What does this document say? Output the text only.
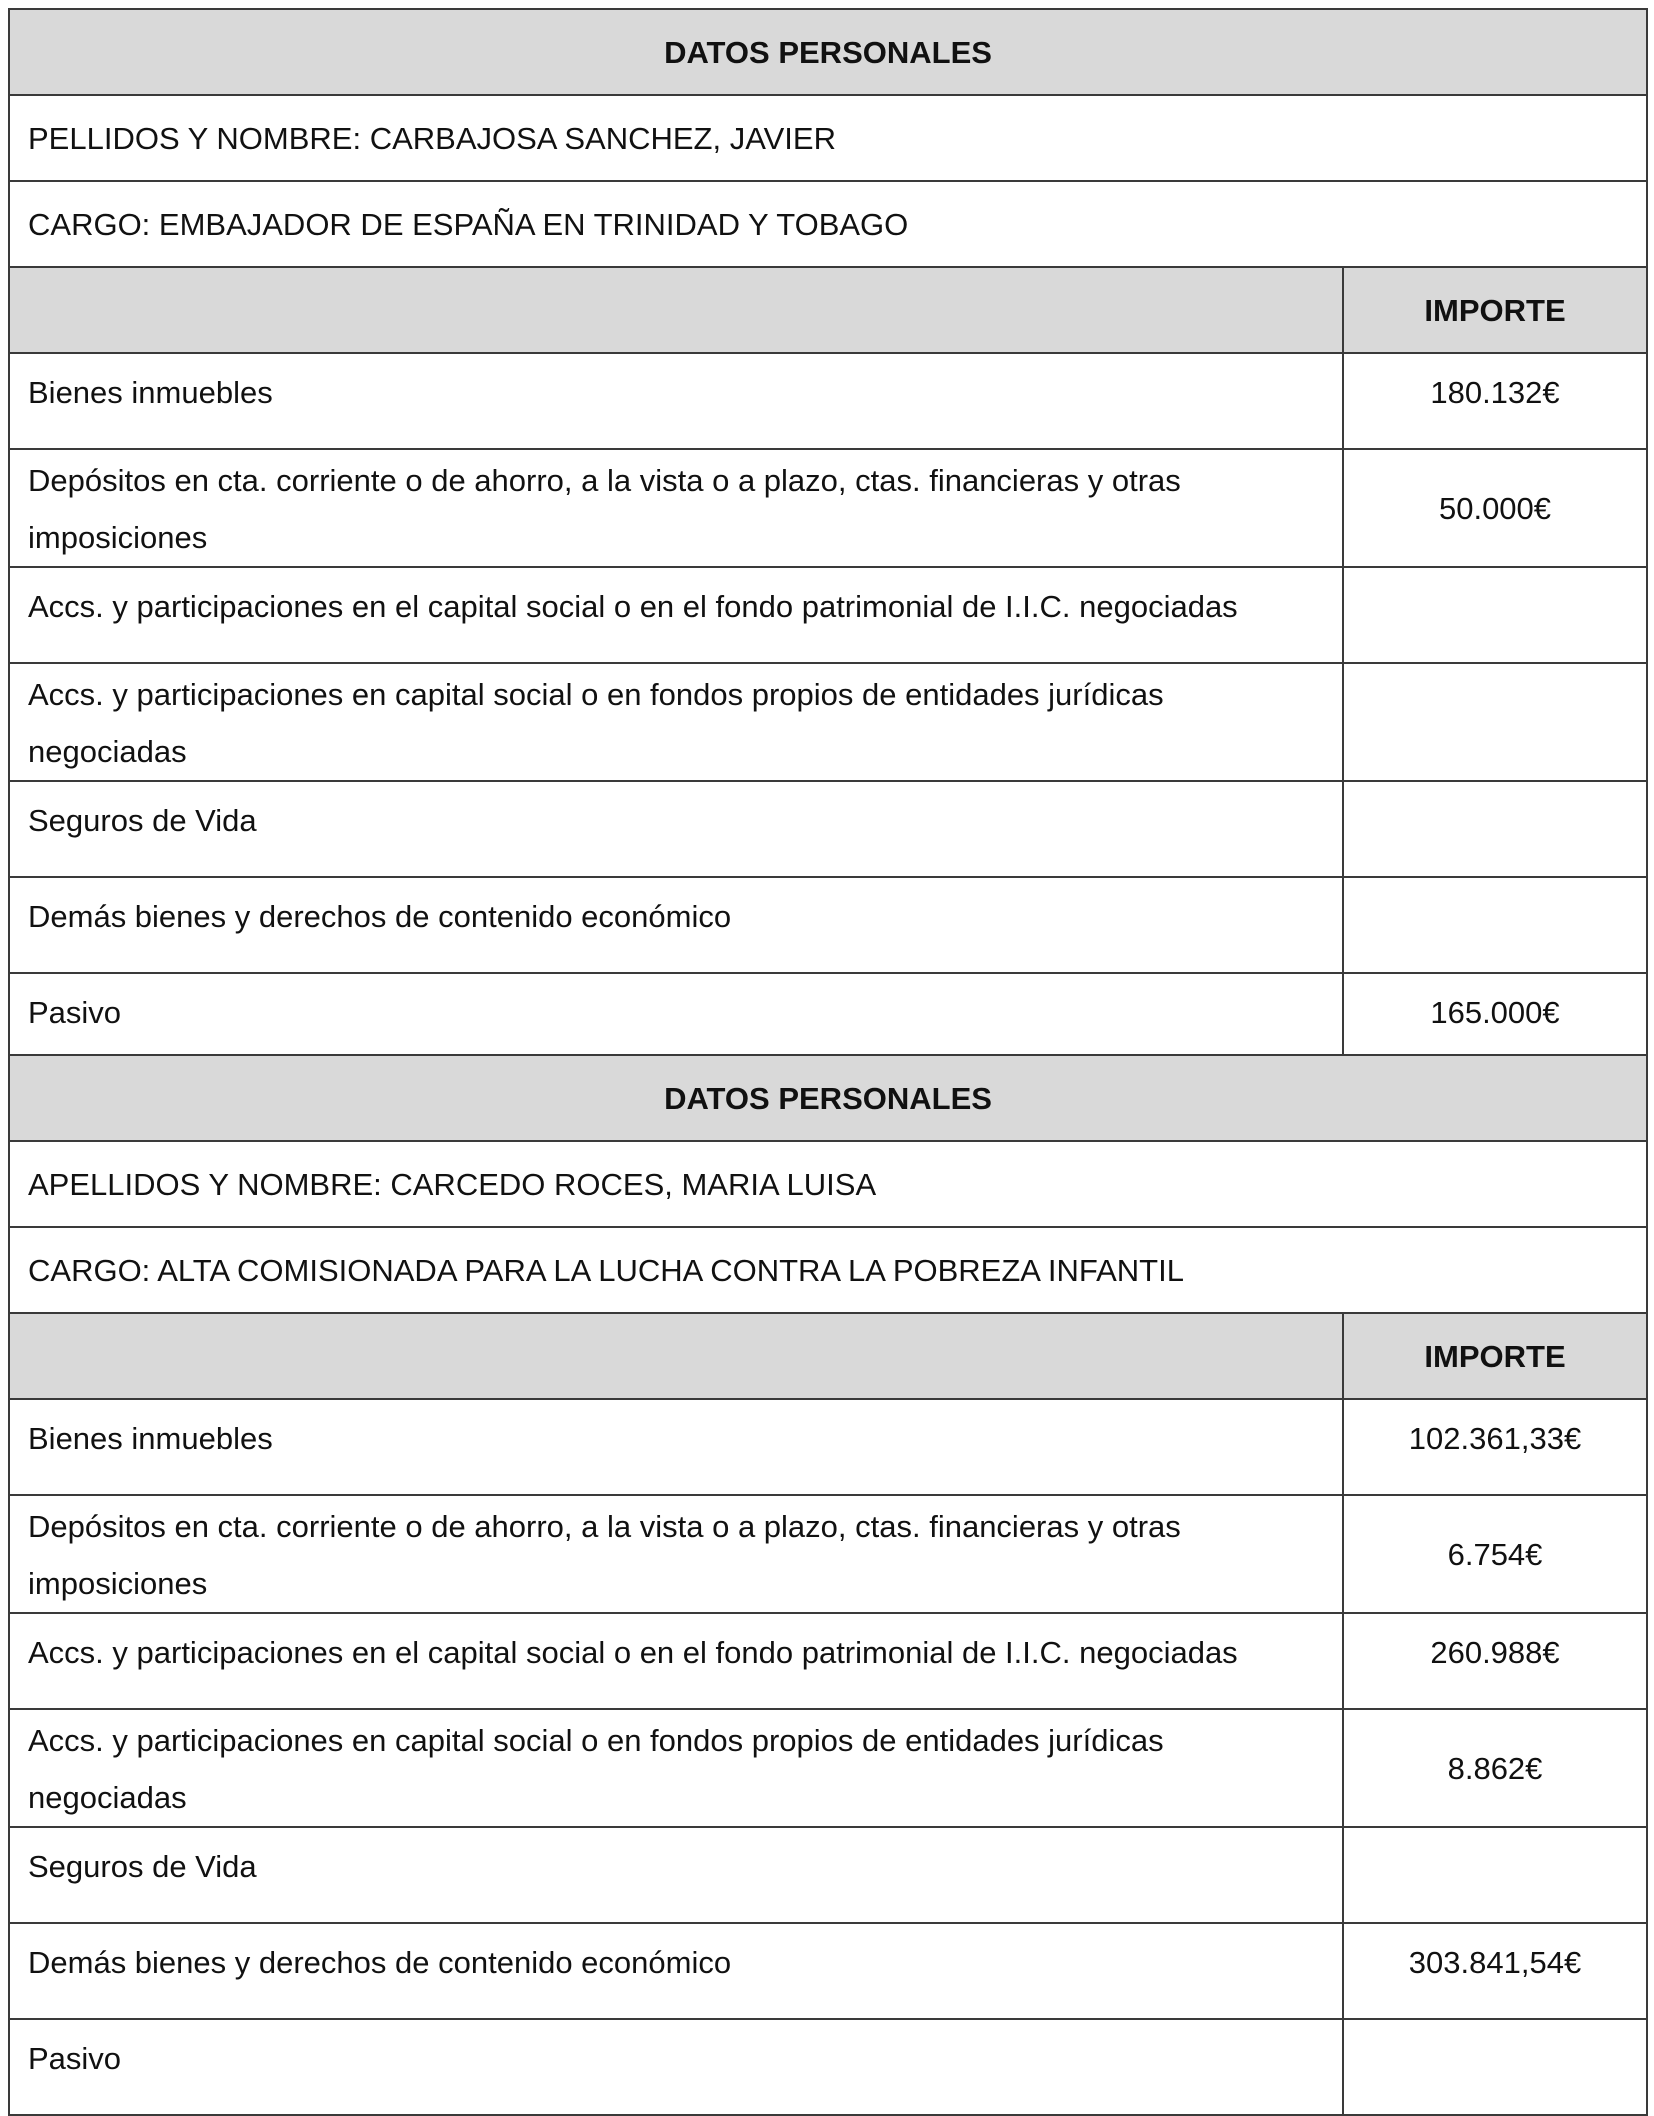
DATOS PERSONALES	
PELLIDOS Y NOMBRE: CARBAJOSA SANCHEZ, JAVIER	
CARGO: EMBAJADOR DE ESPAÑA EN TRINIDAD Y TOBAGO	
	IMPORTE
Bienes inmuebles	180.132€
Depósitos en cta. corriente o de ahorro, a la vista o a plazo, ctas. financieras y otras imposiciones	50.000€
Accs. y participaciones en el capital social o en el fondo patrimonial de I.I.C. negociadas	
Accs. y participaciones en capital social o en fondos propios de entidades jurídicas negociadas	
Seguros de Vida	
Demás bienes y derechos de contenido económico	
Pasivo	165.000€
DATOS PERSONALES	
APELLIDOS Y NOMBRE: CARCEDO ROCES, MARIA LUISA	
CARGO: ALTA COMISIONADA PARA LA LUCHA CONTRA LA POBREZA INFANTIL	
	IMPORTE
Bienes inmuebles	102.361,33€
Depósitos en cta. corriente o de ahorro, a la vista o a plazo, ctas. financieras y otras imposiciones	6.754€
Accs. y participaciones en el capital social o en el fondo patrimonial de I.I.C. negociadas	260.988€
Accs. y participaciones en capital social o en fondos propios de entidades jurídicas negociadas	8.862€
Seguros de Vida	
Demás bienes y derechos de contenido económico	303.841,54€
Pasivo	
